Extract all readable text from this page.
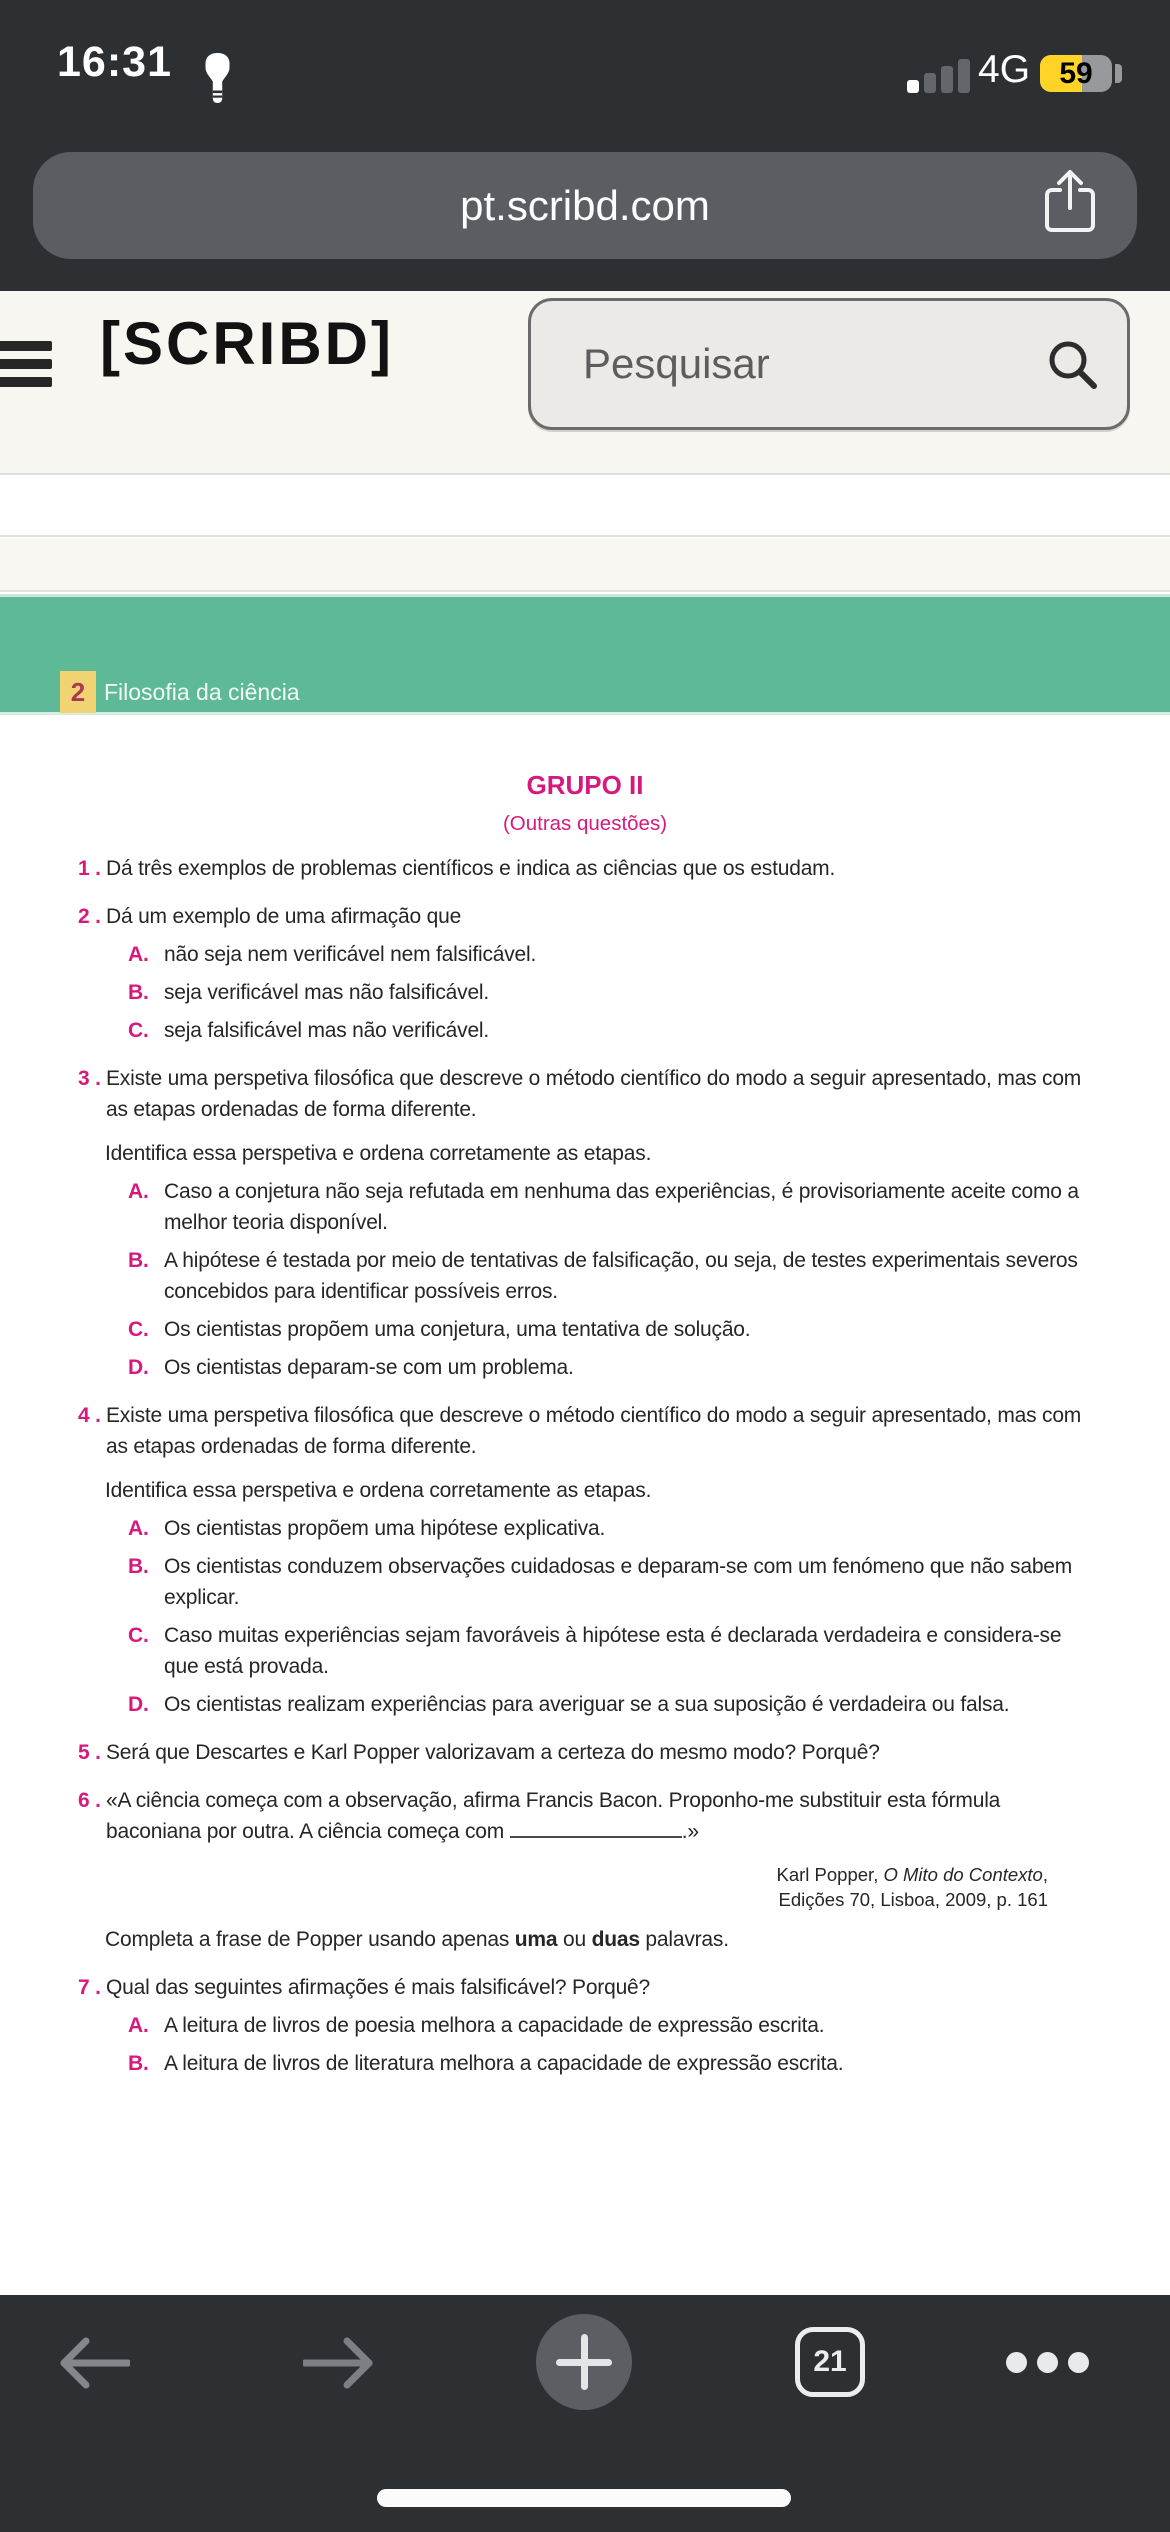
16:31	4G 59
pt.scribd.com
[SCRIBD]
Pesquisar
2 Filosofia da ciência
GRUPO II
(Outras questões)
1 . Dá três exemplos de problemas científicos e indica as ciências que os estudam.
2 . Dá um exemplo de uma afirmação que
A. não seja nem verificável nem falsificável.
B. seja verificável mas não falsificável.
C. seja falsificável mas não verificável.
3 . Existe uma perspetiva filosófica que descreve o método científico do modo a seguir apresentado, mas com as etapas ordenadas de forma diferente.
Identifica essa perspetiva e ordena corretamente as etapas.
A. Caso a conjetura não seja refutada em nenhuma das experiências, é provisoriamente aceite como a melhor teoria disponível.
B. A hipótese é testada por meio de tentativas de falsificação, ou seja, de testes experimentais severos concebidos para identificar possíveis erros.
C. Os cientistas propõem uma conjetura, uma tentativa de solução.
D. Os cientistas deparam-se com um problema.
4 . Existe uma perspetiva filosófica que descreve o método científico do modo a seguir apresentado, mas com as etapas ordenadas de forma diferente.
Identifica essa perspetiva e ordena corretamente as etapas.
A. Os cientistas propõem uma hipótese explicativa.
B. Os cientistas conduzem observações cuidadosas e deparam-se com um fenómeno que não sabem explicar.
C. Caso muitas experiências sejam favoráveis à hipótese esta é declarada verdadeira e considera-se que está provada.
D. Os cientistas realizam experiências para averiguar se a sua suposição é verdadeira ou falsa.
5 . Será que Descartes e Karl Popper valorizavam a certeza do mesmo modo? Porquê?
6 . «A ciência começa com a observação, afirma Francis Bacon. Proponho-me substituir esta fórmula baconiana por outra. A ciência começa com	.»
Karl Popper, O Mito do Contexto,
Edições 70, Lisboa, 2009, p. 161
Completa a frase de Popper usando apenas uma ou duas palavras.
7 . Qual das seguintes afirmações é mais falsificável? Porquê?
A. A leitura de livros de poesia melhora a capacidade de expressão escrita.
B. A leitura de livros de literatura melhora a capacidade de expressão escrita.
21
